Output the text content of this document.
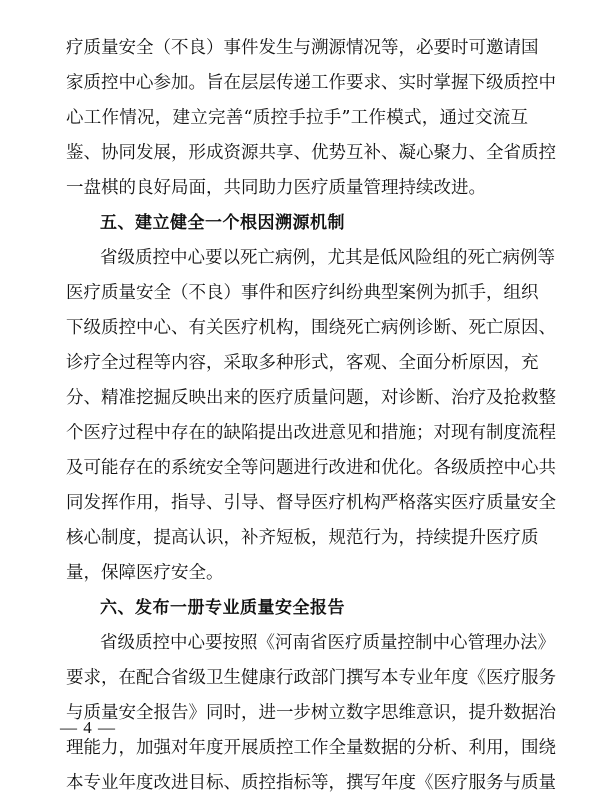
疗质量安全（不良）事件发生与溯源情况等，必要时可邀请国
家质控中心参加。旨在层层传递工作要求、实时掌握下级质控中
心工作情况，建立完善“质控手拉手”工作模式，通过交流互
鉴、协同发展，形成资源共享、优势互补、凝心聚力、全省质控
一盘棋的良好局面，共同助力医疗质量管理持续改进。
五、建立健全一个根因溯源机制
省级质控中心要以死亡病例，尤其是低风险组的死亡病例等
医疗质量安全（不良）事件和医疗纠纷典型案例为抓手，组织
下级质控中心、有关医疗机构，围绕死亡病例诊断、死亡原因、
诊疗全过程等内容，采取多种形式，客观、全面分析原因，充
分、精准挖掘反映出来的医疗质量问题，对诊断、治疗及抢救整
个医疗过程中存在的缺陷提出改进意见和措施；对现有制度流程
及可能存在的系统安全等问题进行改进和优化。各级质控中心共
同发挥作用，指导、引导、督导医疗机构严格落实医疗质量安全
核心制度，提高认识，补齐短板，规范行为，持续提升医疗质
量，保障医疗安全。
六、发布一册专业质量安全报告
省级质控中心要按照《河南省医疗质量控制中心管理办法》
要求，在配合省级卫生健康行政部门撰写本专业年度《医疗服务
与质量安全报告》同时，进一步树立数字思维意识，提升数据治
理能力，加强对年度开展质控工作全量数据的分析、利用，围绕
本专业年度改进目标、质控指标等，撰写年度《医疗服务与质量
— 4 —
